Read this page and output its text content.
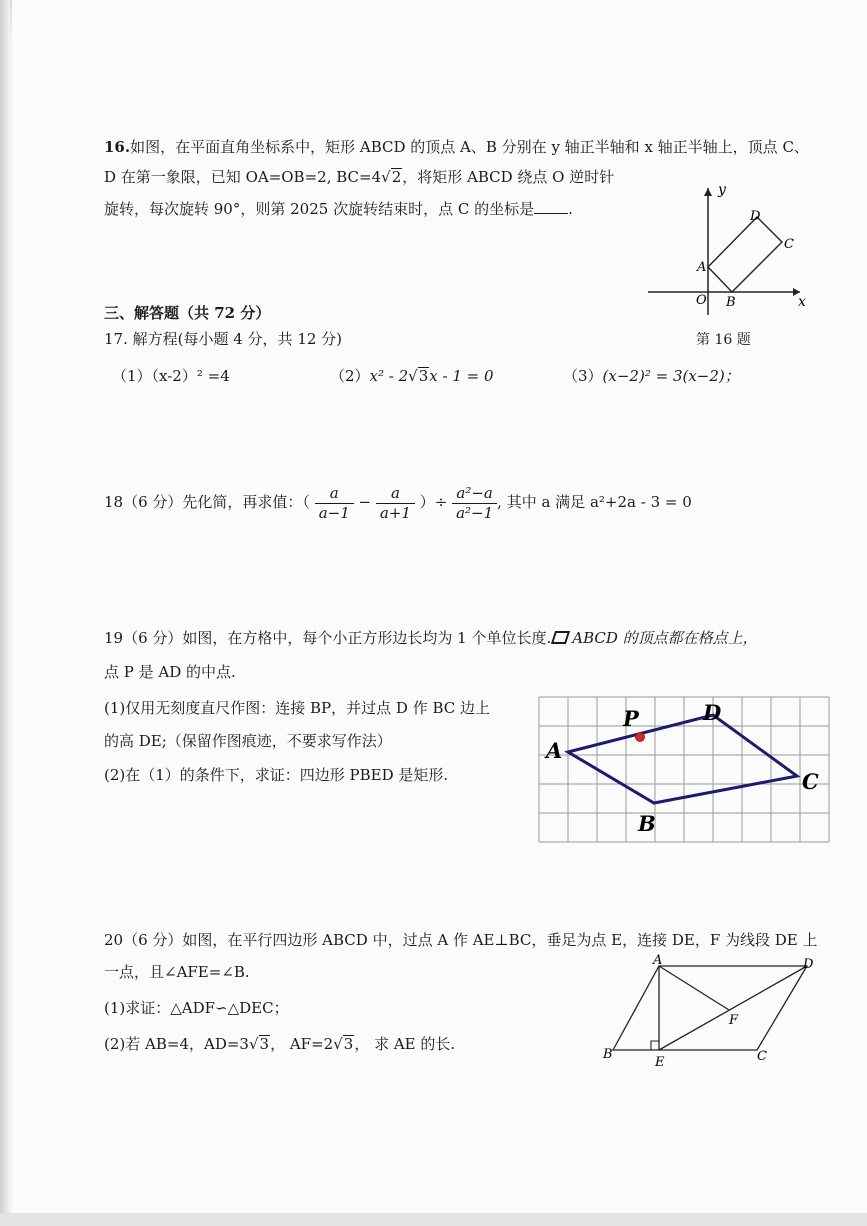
16.如图，在平面直角坐标系中，矩形 ABCD 的顶点 A、B 分别在 y 轴正半轴和 x 轴正半轴上，顶点 C、
D 在第一象限，已知 OA=OB=2, BC=4√2，将矩形 ABCD 绕点 O 逆时针
旋转，每次旋转 90°，则第 2025 次旋转结束时，点 C 的坐标是 .
y
x
O
A
B
C
D
第 16 题
三、解答题（共 72 分）
17. 解方程(每小题 4 分，共 12 分)
（1）（x-2）² =4	（2）x² - 2√3x - 1 = 0	（3）(x−2)² = 3(x−2)；
18（6 分）先化简，再求值：（ $\frac{a}{a-1} - \frac{a}{a+1}$ ）÷ $\frac{\text{a²−a}}{\text{a²−1}}$ , 其中 a 满足 a²+2a - 3 = 0
19（6 分）如图，在方格中，每个小正方形边长均为 1 个单位长度. ABCD 的顶点都在格点上，
点 P 是 AD 的中点.
(1)仅用无刻度直尺作图：连接 BP，并过点 D 作 BC 边上
的高 DE;（保留作图痕迹，不要求写作法）
(2)在（1）的条件下，求证：四边形 PBED 是矩形.
A
B
C
D
P
20（6 分）如图，在平行四边形 ABCD 中，过点 A 作 AE⊥BC，垂足为点 E，连接 DE，F 为线段 DE 上
一点，且∠AFE=∠B.
(1)求证：△ADF∽△DEC；
(2)若 AB=4，AD=3√3， AF=2√3， 求 AE 的长.
A
B	C
D
E
F
